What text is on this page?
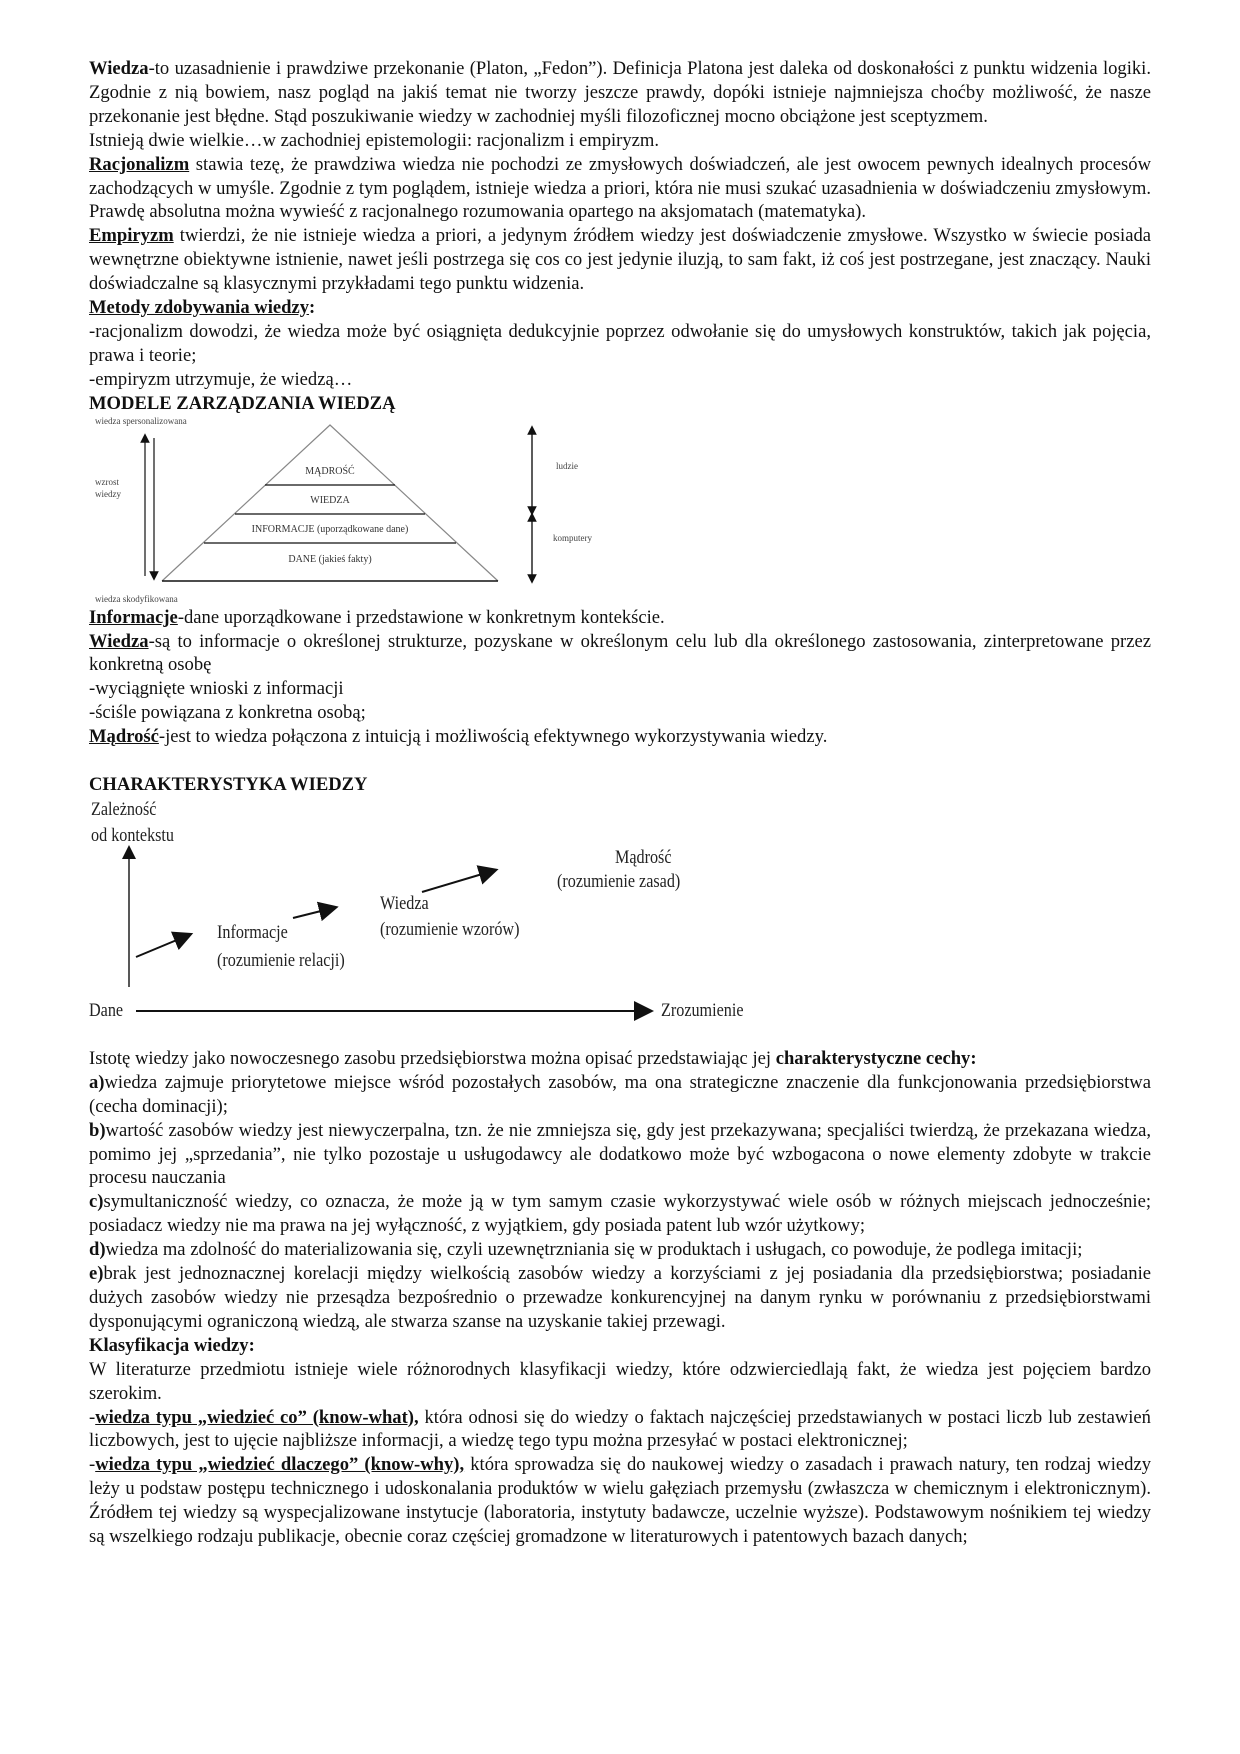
Wiedza-to uzasadnienie i prawdziwe przekonanie (Platon, „Fedon”). Definicja Platona jest daleka od doskonałości z punktu widzenia logiki. Zgodnie z nią bowiem, nasz pogląd na jakiś temat nie tworzy jeszcze prawdy, dopóki istnieje najmniejsza choćby możliwość, że nasze przekonanie jest błędne. Stąd poszukiwanie wiedzy w zachodniej myśli filozoficznej mocno obciążone jest sceptyzmem.

Istnieją dwie wielkie…w zachodniej epistemologii: racjonalizm i empiryzm.

Racjonalizm stawia tezę, że prawdziwa wiedza nie pochodzi ze zmysłowych doświadczeń, ale jest owocem pewnych idealnych procesów zachodzących w umyśle. Zgodnie z tym poglądem, istnieje wiedza a priori, która nie musi szukać uzasadnienia w doświadczeniu zmysłowym. Prawdę absolutna można wywieść z racjonalnego rozumowania opartego na aksjomatach (matematyka).

Empiryzm twierdzi, że nie istnieje wiedza a priori, a jedynym źródłem wiedzy jest doświadczenie zmysłowe. Wszystko w świecie posiada wewnętrzne obiektywne istnienie, nawet jeśli postrzega się cos co jest jedynie iluzją, to sam fakt, iż coś jest postrzegane, jest znaczący. Nauki doświadczalne są klasycznymi przykładami tego punktu widzenia.

Metody zdobywania wiedzy:

-racjonalizm dowodzi, że wiedza może być osiągnięta dedukcyjnie poprzez odwołanie się do umysłowych konstruktów, takich jak pojęcia, prawa i teorie;

-empiryzm utrzymuje, że wiedzą…

MODELE ZARZĄDZANIA WIEDZĄ

wiedza spersonalizowana
wzrost
wiedzy
wiedza skodyfikowana
MĄDROŚĆ
WIEDZA
INFORMACJE (uporządkowane dane)
DANE (jakieś fakty)
ludzie
komputery

Informacje-dane uporządkowane i przedstawione w konkretnym kontekście.

Wiedza-są to informacje o określonej strukturze, pozyskane w określonym celu lub dla określonego zastosowania, zinterpretowane przez konkretną osobę

-wyciągnięte wnioski z informacji

-ściśle powiązana z konkretna osobą;

Mądrość-jest to wiedza połączona z intuicją i możliwością efektywnego wykorzystywania wiedzy.

CHARAKTERYSTYKA WIEDZY

Zależność
od kontekstu
Dane	Zrozumienie
Informacje
(rozumienie relacji)
Wiedza
(rozumienie wzorów)
Mądrość
(rozumienie zasad)

Istotę wiedzy jako nowoczesnego zasobu przedsiębiorstwa można opisać przedstawiając jej charakterystyczne cechy:

a)wiedza zajmuje priorytetowe miejsce wśród pozostałych zasobów, ma ona strategiczne znaczenie dla funkcjonowania przedsiębiorstwa (cecha dominacji);

b)wartość zasobów wiedzy jest niewyczerpalna, tzn. że nie zmniejsza się, gdy jest przekazywana; specjaliści twierdzą, że przekazana wiedza, pomimo jej „sprzedania”, nie tylko pozostaje u usługodawcy ale dodatkowo może być wzbogacona o nowe elementy zdobyte w trakcie procesu nauczania

c)symultaniczność wiedzy, co oznacza, że może ją w tym samym czasie wykorzystywać wiele osób w różnych miejscach jednocześnie; posiadacz wiedzy nie ma prawa na jej wyłączność, z wyjątkiem, gdy posiada patent lub wzór użytkowy;

d)wiedza ma zdolność do materializowania się, czyli uzewnętrzniania się w produktach i usługach, co powoduje, że podlega imitacji;

e)brak jest jednoznacznej korelacji między wielkością zasobów wiedzy a korzyściami z jej posiadania dla przedsiębiorstwa; posiadanie dużych zasobów wiedzy nie przesądza bezpośrednio o przewadze konkurencyjnej na danym rynku w porównaniu z przedsiębiorstwami dysponującymi ograniczoną wiedzą, ale stwarza szanse na uzyskanie takiej przewagi.

Klasyfikacja wiedzy:

W literaturze przedmiotu istnieje wiele różnorodnych klasyfikacji wiedzy, które odzwierciedlają fakt, że wiedza jest pojęciem bardzo szerokim.

-wiedza typu „wiedzieć co” (know-what), która odnosi się do wiedzy o faktach najczęściej przedstawianych w postaci liczb lub zestawień liczbowych, jest to ujęcie najbliższe informacji, a wiedzę tego typu można przesyłać w postaci elektronicznej;

-wiedza typu „wiedzieć dlaczego” (know-why), która sprowadza się do naukowej wiedzy o zasadach i prawach natury, ten rodzaj wiedzy leży u podstaw postępu technicznego i udoskonalania produktów w wielu gałęziach przemysłu (zwłaszcza w chemicznym i elektronicznym). Źródłem tej wiedzy są wyspecjalizowane instytucje (laboratoria, instytuty badawcze, uczelnie wyższe). Podstawowym nośnikiem tej wiedzy są wszelkiego rodzaju publikacje, obecnie coraz częściej gromadzone w literaturowych i patentowych bazach danych;
